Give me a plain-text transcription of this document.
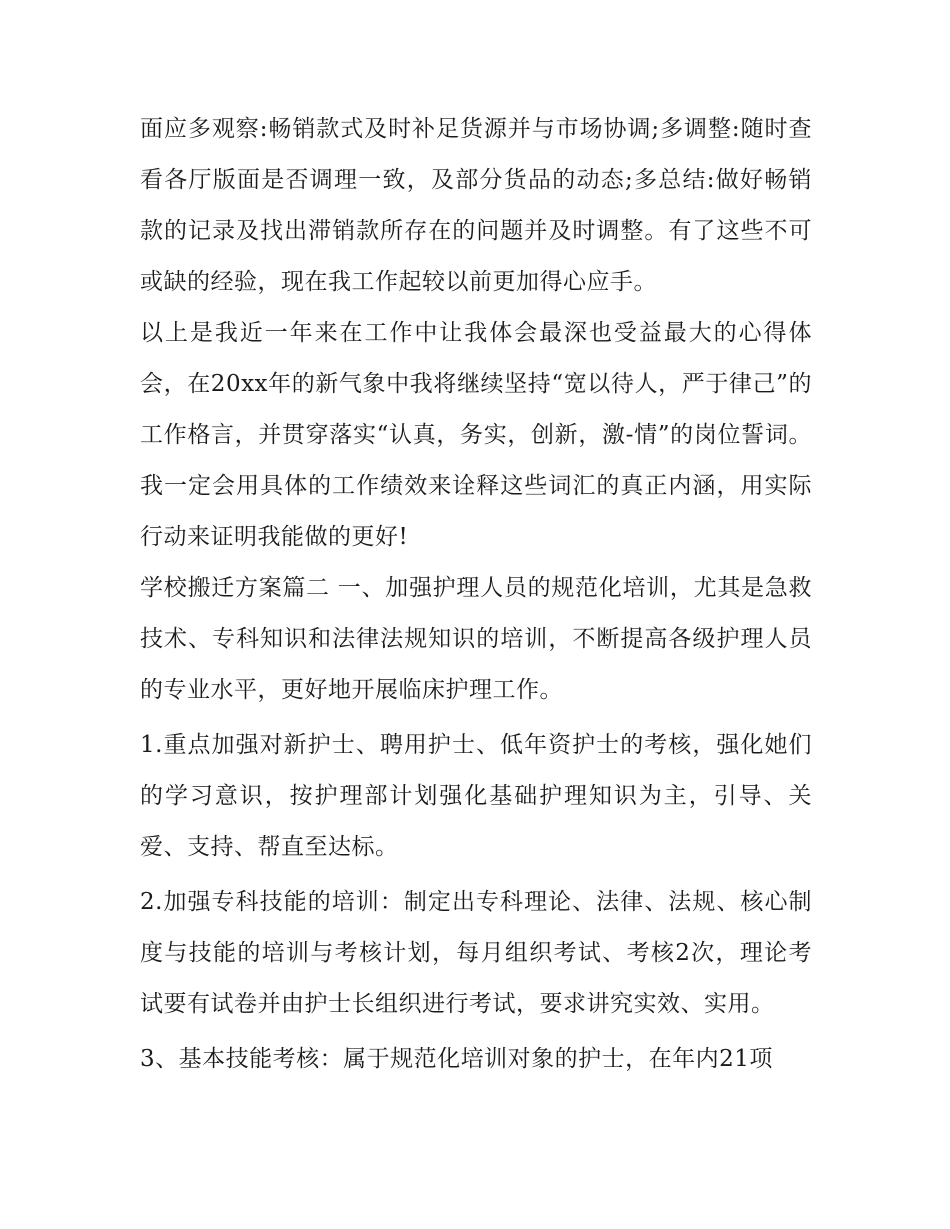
面应多观察:畅销款式及时补足货源并与市场协调;多调整:随时查看各厅版面是否调理一致，及部分货品的动态;多总结:做好畅销款的记录及找出滞销款所存在的问题并及时调整。有了这些不可或缺的经验，现在我工作起较以前更加得心应手。

以上是我近一年来在工作中让我体会最深也受益最大的心得体会，在20xx年的新气象中我将继续坚持“宽以待人，严于律己”的工作格言，并贯穿落实“认真，务实，创新，激-情”的岗位誓词。我一定会用具体的工作绩效来诠释这些词汇的真正内涵，用实际行动来证明我能做的更好!

学校搬迁方案篇二 一、加强护理人员的规范化培训，尤其是急救技术、专科知识和法律法规知识的培训，不断提高各级护理人员的专业水平，更好地开展临床护理工作。

1.重点加强对新护士、聘用护士、低年资护士的考核，强化她们的学习意识，按护理部计划强化基础护理知识为主，引导、关爱、支持、帮直至达标。

2.加强专科技能的培训：制定出专科理论、法律、法规、核心制度与技能的培训与考核计划，每月组织考试、考核2次，理论考试要有试卷并由护士长组织进行考试，要求讲究实效、实用。

3、基本技能考核：属于规范化培训对象的护士，在年内21项
